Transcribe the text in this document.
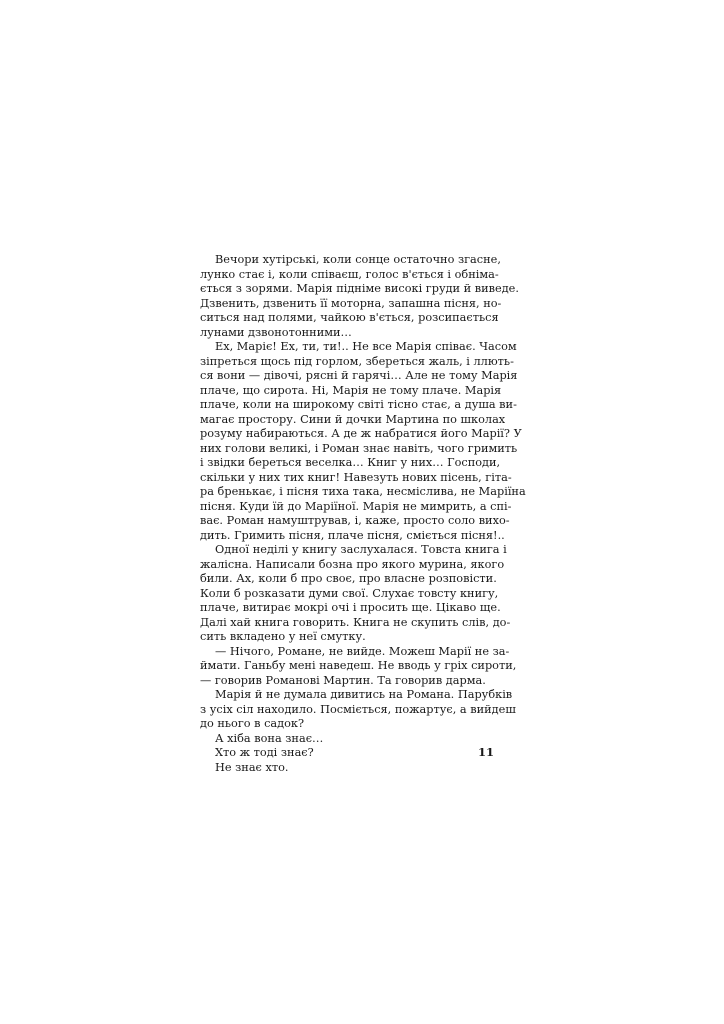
Вечори хутірські, коли сонце остаточно згасне,
лунко стає і, коли співаєш, голос в'ється і обніма-
ється з зорями. Марія підніме високі груди й виведе.
Дзвенить, дзвенить її моторна, запашна пісня, но-
ситься над полями, чайкою в'ється, розсипається
лунами дзвонотонними…
Ех, Маріє! Ех, ти, ти!.. Не все Марія співає. Часом
зіпреться щось під горлом, збереться жаль, і ллють-
ся вони — дівочі, рясні й гарячі… Але не тому Марія
плаче, що сирота. Ні, Марія не тому плаче. Марія
плаче, коли на широкому світі тісно стає, а душа ви-
магає простору. Сини й дочки Мартина по школах
розуму набираються. А де ж набратися його Марії? У
них голови великі, і Роман знає навіть, чого гримить
і звідки береться веселка… Книг у них… Господи,
скільки у них тих книг! Навезуть нових пісень, гіта-
ра бренькає, і пісня тиха така, несміслива, не Маріїна
пісня. Куди їй до Маріїної. Марія не мимрить, а спі-
ває. Роман намуштрував, і, каже, просто соло вихо-
дить. Гримить пісня, плаче пісня, сміється пісня!..
Одної неділі у книгу заслухалася. Товста книга і
жалісна. Написали бозна про якого мурина, якого
били. Ах, коли б про своє, про власне розповісти.
Коли б розказати думи свої. Слухає товсту книгу,
плаче, витирає мокрі очі і просить ще. Цікаво ще.
Далі хай книга говорить. Книга не скупить слів, до-
сить вкладено у неї смутку.
— Нічого, Романе, не вийде. Можеш Марії не за-
ймати. Ганьбу мені наведеш. Не вводь у гріх сироти,
— говорив Романові Мартин. Та говорив дарма.
Марія й не думала дивитись на Романа. Парубків
з усіх сіл находило. Посміється, пожартує, а вийдеш
до нього в садок?
А хіба вона знає…
Хто ж тоді знає?
Не знає хто.
11
